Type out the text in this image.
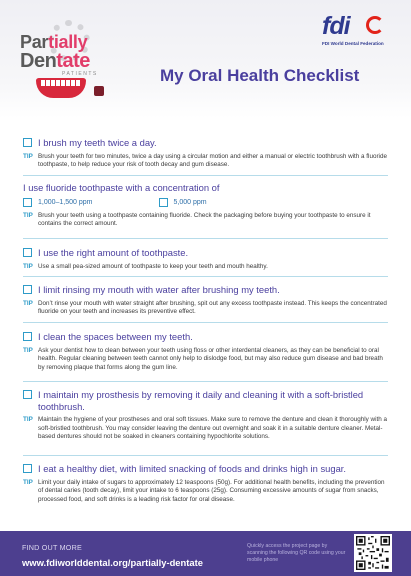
Partially
Dentate
PATIENTS
fdi
FDI World Dental Federation
My Oral Health Checklist
I brush my teeth twice a day.
TIP Brush your teeth for two minutes, twice a day using a circular motion and either a manual or electric toothbrush with a fluoride toothpaste, to help reduce your risk of tooth decay and gum disease.
I use fluoride toothpaste with a concentration of
1,000–1,500 ppm	5,000 ppm
TIP Brush your teeth using a toothpaste containing fluoride. Check the packaging before buying your toothpaste to ensure it contains the correct amount.
I use the right amount of toothpaste.
TIP Use a small pea-sized amount of toothpaste to keep your teeth and mouth healthy.
I limit rinsing my mouth with water after brushing my teeth.
TIP Don’t rinse your mouth with water straight after brushing, spit out any excess toothpaste instead. This keeps the concentrated fluoride on your teeth and increases its preventive effect.
I clean the spaces between my teeth.
TIP Ask your dentist how to clean between your teeth using floss or other interdental cleaners, as they can be beneficial to oral health. Regular cleaning between teeth cannot only help to dislodge food, but may also reduce gum disease and bad breath by removing plaque that forms along the gum line.
I maintain my prosthesis by removing it daily and cleaning it with a soft-bristled toothbrush.
TIP Maintain the hygiene of your prostheses and oral soft tissues. Make sure to remove the denture and clean it thoroughly with a soft-bristled toothbrush. You may consider leaving the denture out overnight and soak it in a suitable denture cleaner. Metal-based dentures should not be soaked in cleaners containing hypochlorite solutions.
I eat a healthy diet, with limited snacking of foods and drinks high in sugar.
TIP Limit your daily intake of sugars to approximately 12 teaspoons (50g). For additional health benefits, including the prevention of dental caries (tooth decay), limit your intake to 6 teaspoons (25g). Consuming excessive amounts of sugar from snacks, processed food, and soft drinks is a leading risk factor for oral disease.
FIND OUT MORE
www.fdiworlddental.org/partially-dentate
Quickly access the project page by scanning the following QR code using your mobile phone
